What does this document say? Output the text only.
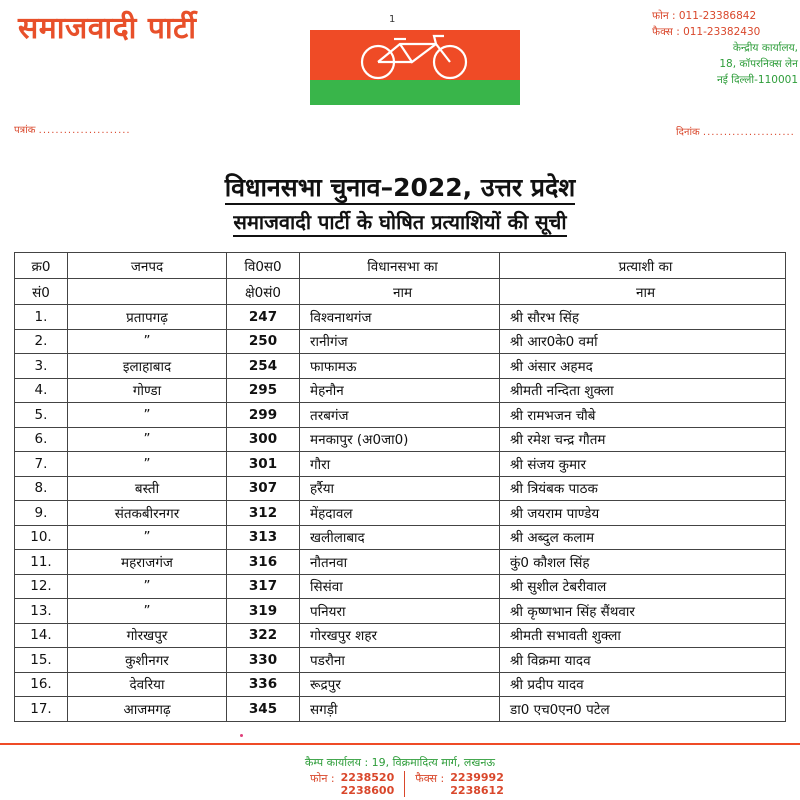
समाजवादी पार्टी	1	फोन : 011-23386842
फैक्स : 011-23382430
केन्द्रीय कार्यालय,
18, कॉपरनिक्स लेन
नई दिल्ली-110001
पत्रांक ......................	दिनांक ......................
विधानसभा चुनाव–2022, उत्तर प्रदेश
समाजवादी पार्टी के घोषित प्रत्याशियों की सूची
क्र0	जनपद	वि0स0	विधानसभा का	प्रत्याशी का
सं0		क्षे0सं0	नाम	नाम
1.	प्रतापगढ़	247	विश्वनाथगंज	श्री सौरभ सिंह
2.	”	250	रानीगंज	श्री आर0के0 वर्मा
3.	इलाहाबाद	254	फाफामऊ	श्री अंसार अहमद
4.	गोण्डा	295	मेहनौन	श्रीमती नन्दिता शुक्ला
5.	”	299	तरबगंज	श्री रामभजन चौबे
6.	”	300	मनकापुर (अ0जा0)	श्री रमेश चन्द्र गौतम
7.	”	301	गौरा	श्री संजय कुमार
8.	बस्ती	307	हर्रैया	श्री त्रियंबक पाठक
9.	संतकबीरनगर	312	मेंहदावल	श्री जयराम पाण्डेय
10.	”	313	खलीलाबाद	श्री अब्दुल कलाम
11.	महराजगंज	316	नौतनवा	कुं0 कौशल सिंह
12.	”	317	सिसंवा	श्री सुशील टेबरीवाल
13.	”	319	पनियरा	श्री कृष्णभान सिंह सैंथवार
14.	गोरखपुर	322	गोरखपुर शहर	श्रीमती सभावती शुक्ला
15.	कुशीनगर	330	पडरौना	श्री विक्रमा यादव
16.	देवरिया	336	रूद्रपुर	श्री प्रदीप यादव
17.	आजमगढ़	345	सगड़ी	डा0 एच0एन0 पटेल
कैम्प कार्यालय : 19, विक्रमादित्य मार्ग, लखनऊ
फोन : 2238520
2238600
फैक्स : 2239992
2238612
